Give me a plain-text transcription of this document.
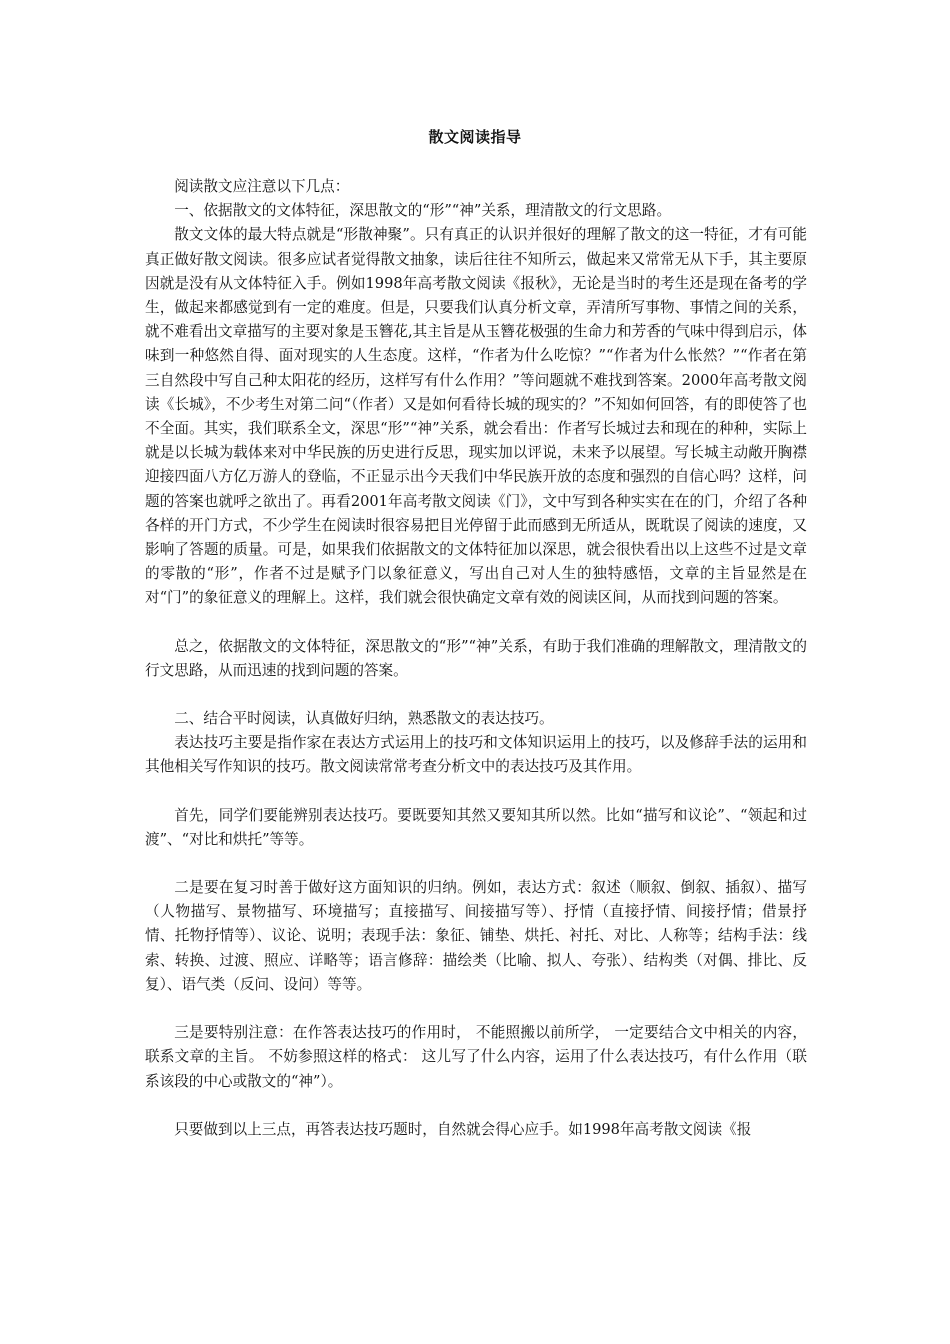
散文阅读指导

阅读散文应注意以下几点：

一、依据散文的文体特征，深思散文的“形”“神”关系，理清散文的行文思路。

散文文体的最大特点就是“形散神聚”。只有真正的认识并很好的理解了散文的这一特征，才有可能真正做好散文阅读。很多应试者觉得散文抽象，读后往往不知所云，做起来又常常无从下手，其主要原因就是没有从文体特征入手。例如1998年高考散文阅读《报秋》，无论是当时的考生还是现在备考的学生，做起来都感觉到有一定的难度。但是，只要我们认真分析文章，弄清所写事物、事情之间的关系，就不难看出文章描写的主要对象是玉簪花,其主旨是从玉簪花极强的生命力和芳香的气味中得到启示，体味到一种悠然自得、面对现实的人生态度。这样，“作者为什么吃惊？”“作者为什么怅然？”“作者在第三自然段中写自己种太阳花的经历，这样写有什么作用？”等问题就不难找到答案。2000年高考散文阅读《长城》，不少考生对第二问“（作者）又是如何看待长城的现实的？”不知如何回答，有的即使答了也不全面。其实，我们联系全文，深思“形”“神”关系，就会看出：作者写长城过去和现在的种种，实际上就是以长城为载体来对中华民族的历史进行反思，现实加以评说，未来予以展望。写长城主动敞开胸襟迎接四面八方亿万游人的登临，不正显示出今天我们中华民族开放的态度和强烈的自信心吗？这样，问题的答案也就呼之欲出了。再看2001年高考散文阅读《门》，文中写到各种实实在在的门，介绍了各种各样的开门方式，不少学生在阅读时很容易把目光停留于此而感到无所适从，既耽误了阅读的速度，又影响了答题的质量。可是，如果我们依据散文的文体特征加以深思，就会很快看出以上这些不过是文章的零散的“形”，作者不过是赋予门以象征意义，写出自己对人生的独特感悟，文章的主旨显然是在对“门”的象征意义的理解上。这样，我们就会很快确定文章有效的阅读区间，从而找到问题的答案。

总之，依据散文的文体特征，深思散文的“形”“神”关系，有助于我们准确的理解散文，理清散文的行文思路，从而迅速的找到问题的答案。

二、结合平时阅读，认真做好归纳，熟悉散文的表达技巧。

表达技巧主要是指作家在表达方式运用上的技巧和文体知识运用上的技巧，以及修辞手法的运用和其他相关写作知识的技巧。散文阅读常常考查分析文中的表达技巧及其作用。

首先，同学们要能辨别表达技巧。要既要知其然又要知其所以然。比如“描写和议论”、“领起和过渡”、“对比和烘托”等等。

二是要在复习时善于做好这方面知识的归纳。例如，表达方式：叙述（顺叙、倒叙、插叙）、描写（人物描写、景物描写、环境描写；直接描写、间接描写等）、抒情（直接抒情、间接抒情；借景抒情、托物抒情等）、议论、说明；表现手法：象征、铺垫、烘托、衬托、对比、人称等；结构手法：线索、转换、过渡、照应、详略等；语言修辞：描绘类（比喻、拟人、夸张）、结构类（对偶、排比、反复）、语气类（反问、设问）等等。

三是要特别注意：在作答表达技巧的作用时， 不能照搬以前所学， 一定要结合文中相关的内容， 联系文章的主旨。 不妨参照这样的格式： 这儿写了什么内容，运用了什么表达技巧，有什么作用（联系该段的中心或散文的“神”）。

只要做到以上三点，再答表达技巧题时，自然就会得心应手。如1998年高考散文阅读《报
